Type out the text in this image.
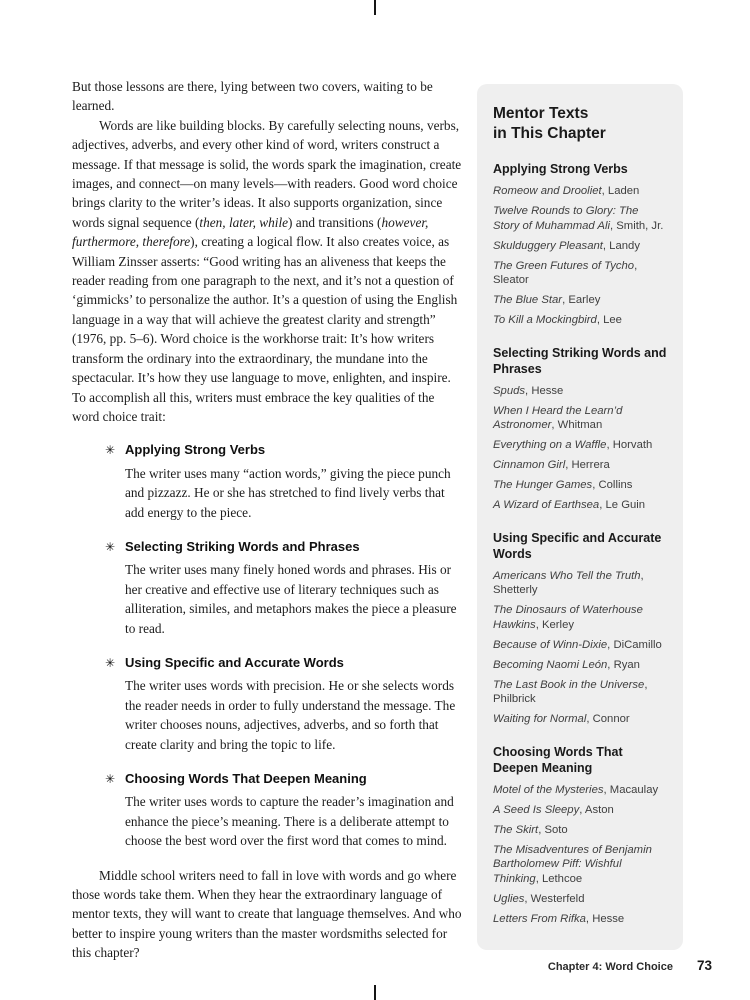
But those lessons are there, lying between two covers, waiting to be learned.

Words are like building blocks. By carefully selecting nouns, verbs, adjectives, adverbs, and every other kind of word, writers construct a message. If that message is solid, the words spark the imagination, create images, and connect—on many levels—with readers. Good word choice brings clarity to the writer’s ideas. It also supports organization, since words signal sequence (then, later, while) and transitions (however, furthermore, therefore), creating a logical flow. It also creates voice, as William Zinsser asserts: “Good writing has an aliveness that keeps the reader reading from one paragraph to the next, and it’s not a question of ‘gimmicks’ to personalize the author. It’s a question of using the English language in a way that will achieve the greatest clarity and strength” (1976, pp. 5–6). Word choice is the workhorse trait: It’s how writers transform the ordinary into the extraordinary, the mundane into the spectacular. It’s how they use language to move, enlighten, and inspire. To accomplish all this, writers must embrace the key qualities of the word choice trait:

✳ Applying Strong Verbs

The writer uses many “action words,” giving the piece punch and pizzazz. He or she has stretched to find lively verbs that add energy to the piece.

✳ Selecting Striking Words and Phrases

The writer uses many finely honed words and phrases. His or her creative and effective use of literary techniques such as alliteration, similes, and metaphors makes the piece a pleasure to read.

✳ Using Specific and Accurate Words

The writer uses words with precision. He or she selects words the reader needs in order to fully understand the message. The writer chooses nouns, adjectives, adverbs, and so forth that create clarity and bring the topic to life.

✳ Choosing Words That Deepen Meaning

The writer uses words to capture the reader’s imagination and enhance the piece’s meaning. There is a deliberate attempt to choose the best word over the first word that comes to mind.

Middle school writers need to fall in love with words and go where those words take them. When they hear the extraordinary language of mentor texts, they will want to create that language themselves. And who better to inspire young writers than the master wordsmiths selected for this chapter?

Mentor Texts
in This Chapter
Applying Strong Verbs

Romeow and Drooliet, Laden

Twelve Rounds to Glory: The Story of Muhammad Ali, Smith, Jr.

Skulduggery Pleasant, Landy

The Green Futures of Tycho, Sleator

The Blue Star, Earley

To Kill a Mockingbird, Lee

Selecting Striking Words and Phrases

Spuds, Hesse

When I Heard the Learn’d Astronomer, Whitman

Everything on a Waffle, Horvath

Cinnamon Girl, Herrera

The Hunger Games, Collins

A Wizard of Earthsea, Le Guin

Using Specific and Accurate Words

Americans Who Tell the Truth, Shetterly

The Dinosaurs of Waterhouse Hawkins, Kerley

Because of Winn-Dixie, DiCamillo

Becoming Naomi León, Ryan

The Last Book in the Universe, Philbrick

Waiting for Normal, Connor

Choosing Words That Deepen Meaning

Motel of the Mysteries, Macaulay

A Seed Is Sleepy, Aston

The Skirt, Soto

The Misadventures of Benjamin Bartholomew Piff: Wishful Thinking, Lethcoe

Uglies, Westerfeld

Letters From Rifka, Hesse

Chapter 4: Word Choice 73
